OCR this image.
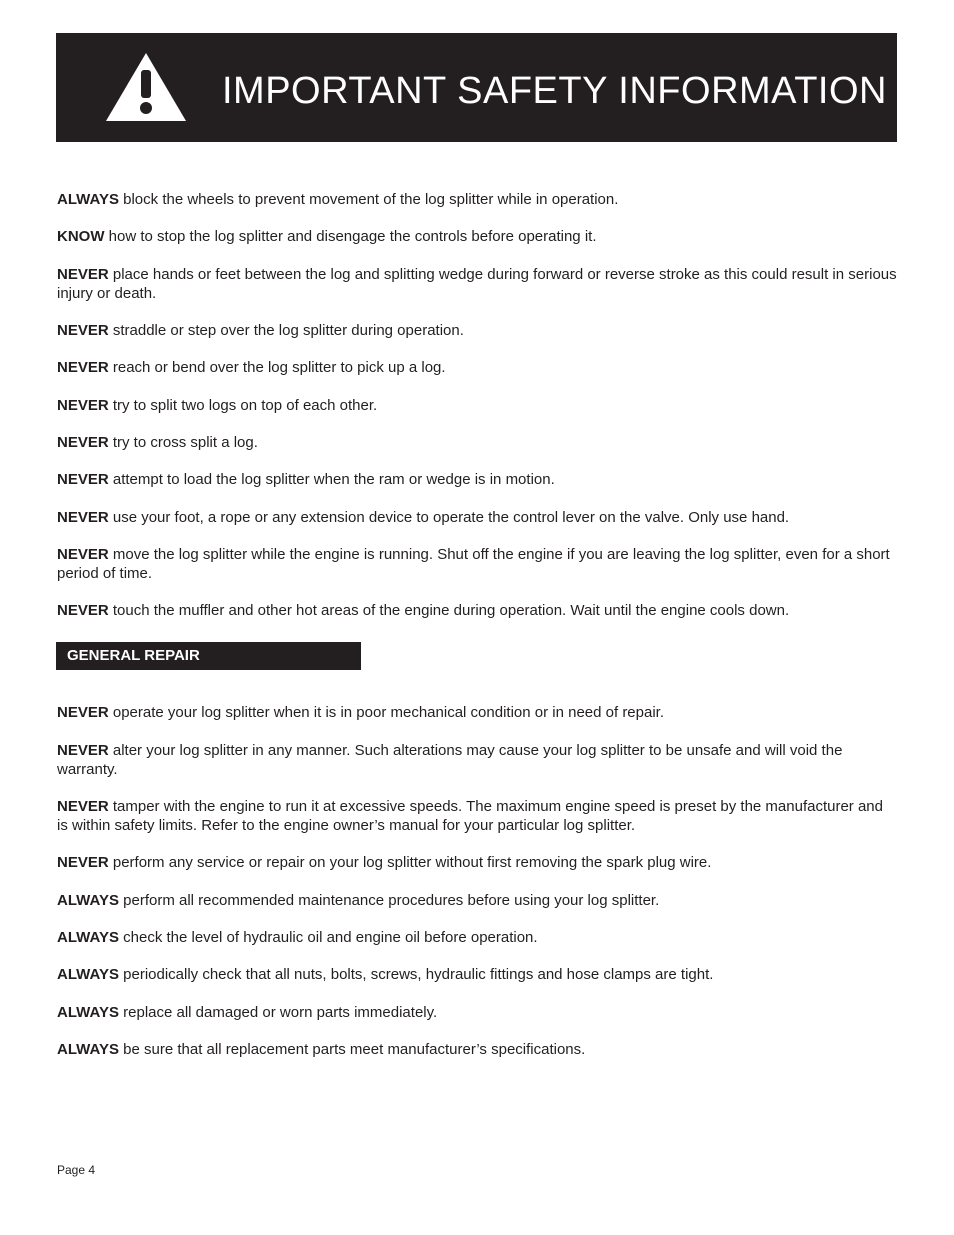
IMPORTANT SAFETY INFORMATION

ALWAYS block the wheels to prevent movement of the log splitter while in operation.

KNOW how to stop the log splitter and disengage the controls before operating it.

NEVER place hands or feet between the log and splitting wedge during forward or reverse stroke as this could result in serious injury or death.

NEVER straddle or step over the log splitter during operation.

NEVER reach or bend over the log splitter to pick up a log.

NEVER try to split two logs on top of each other.

NEVER try to cross split a log.

NEVER attempt to load the log splitter when the ram or wedge is in motion.

NEVER use your foot, a rope or any extension device to operate the control lever on the valve. Only use hand.

NEVER move the log splitter while the engine is running. Shut off the engine if you are leaving the log splitter, even for a short period of time.

NEVER touch the muffler and other hot areas of the engine during operation. Wait until the engine cools down.

GENERAL REPAIR

NEVER operate your log splitter when it is in poor mechanical condition or in need of repair.

NEVER alter your log splitter in any manner. Such alterations may cause your log splitter to be unsafe and will void the warranty.

NEVER tamper with the engine to run it at excessive speeds. The maximum engine speed is preset by the manufacturer and is within safety limits. Refer to the engine owner’s manual for your particular log splitter.

NEVER perform any service or repair on your log splitter without first removing the spark plug wire.

ALWAYS perform all recommended maintenance procedures before using your log splitter.

ALWAYS check the level of hydraulic oil and engine oil before operation.

ALWAYS periodically check that all nuts, bolts, screws, hydraulic fittings and hose clamps are tight.

ALWAYS replace all damaged or worn parts immediately.

ALWAYS be sure that all replacement parts meet manufacturer’s specifications.

Page 4
